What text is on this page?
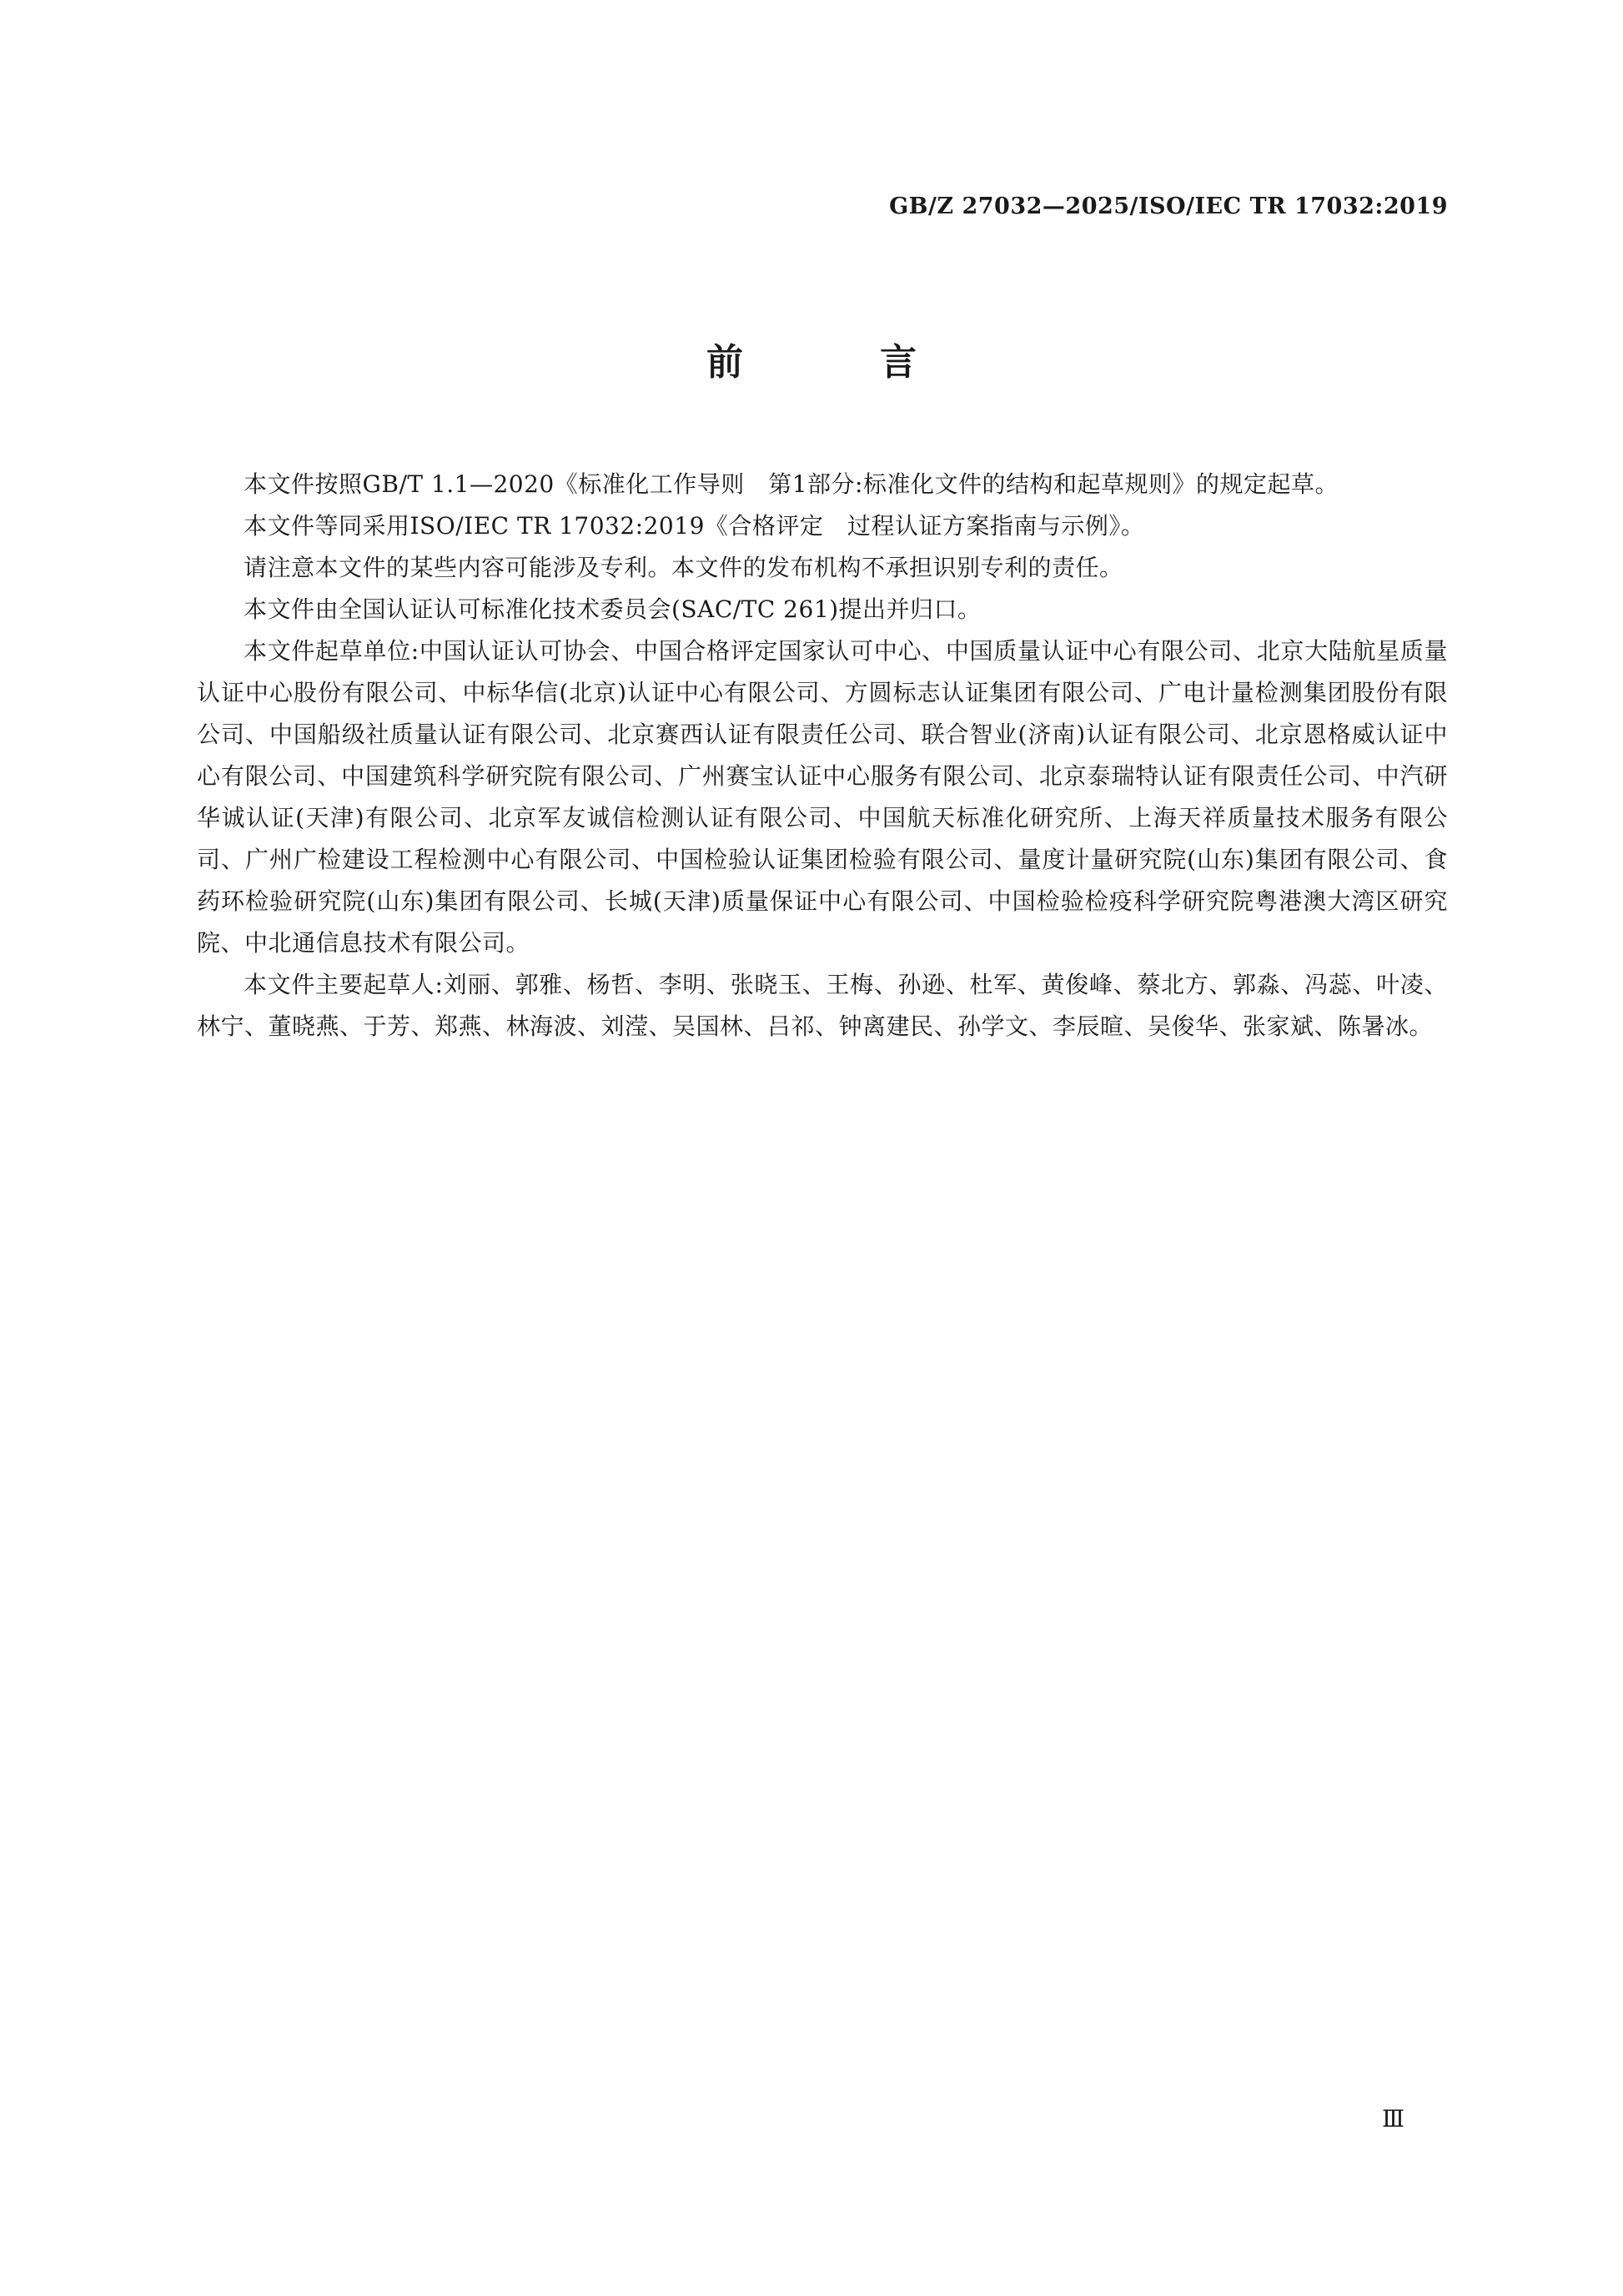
GB/Z 27032—2025/ISO/IEC TR 17032:2019
前　言

本文件按照GB/T 1.1—2020《标准化工作导则　第1部分:标准化文件的结构和起草规则》的规定起草。

本文件等同采用ISO/IEC TR 17032:2019《合格评定　过程认证方案指南与示例》。

请注意本文件的某些内容可能涉及专利。本文件的发布机构不承担识别专利的责任。

本文件由全国认证认可标准化技术委员会(SAC/TC 261)提出并归口。

本文件起草单位:中国认证认可协会、中国合格评定国家认可中心、中国质量认证中心有限公司、北京大陆航星质量认证中心股份有限公司、中标华信(北京)认证中心有限公司、方圆标志认证集团有限公司、广电计量检测集团股份有限公司、中国船级社质量认证有限公司、北京赛西认证有限责任公司、联合智业(济南)认证有限公司、北京恩格威认证中心有限公司、中国建筑科学研究院有限公司、广州赛宝认证中心服务有限公司、北京泰瑞特认证有限责任公司、中汽研华诚认证(天津)有限公司、北京军友诚信检测认证有限公司、中国航天标准化研究所、上海天祥质量技术服务有限公司、广州广检建设工程检测中心有限公司、中国检验认证集团检验有限公司、量度计量研究院(山东)集团有限公司、食药环检验研究院(山东)集团有限公司、长城(天津)质量保证中心有限公司、中国检验检疫科学研究院粤港澳大湾区研究院、中北通信息技术有限公司。

本文件主要起草人:刘丽、郭雅、杨哲、李明、张晓玉、王梅、孙逊、杜军、黄俊峰、蔡北方、郭淼、冯蕊、叶凌、林宁、董晓燕、于芳、郑燕、林海波、刘滢、吴国林、吕祁、钟离建民、孙学文、李辰暄、吴俊华、张家斌、陈暑冰。

Ⅲ
